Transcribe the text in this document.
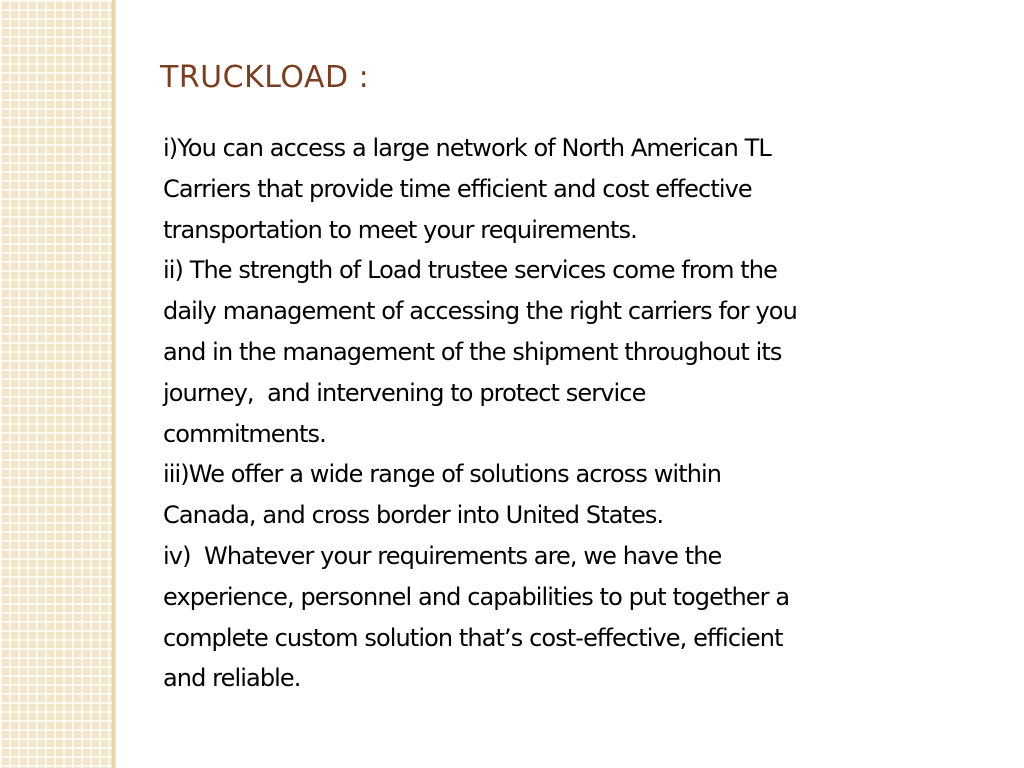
TRUCKLOAD :

i)You can access a large network of North American TL
Carriers that provide time efficient and cost effective
transportation to meet your requirements.

ii) The strength of Load trustee services come from the
daily management of accessing the right carriers for you
and in the management of the shipment throughout its
journey,  and intervening to protect service
commitments.

iii)We offer a wide range of solutions across within
Canada, and cross border into United States.

iv)  Whatever your requirements are, we have the
experience, personnel and capabilities to put together a
complete custom solution that’s cost-effective, efficient
and reliable.
